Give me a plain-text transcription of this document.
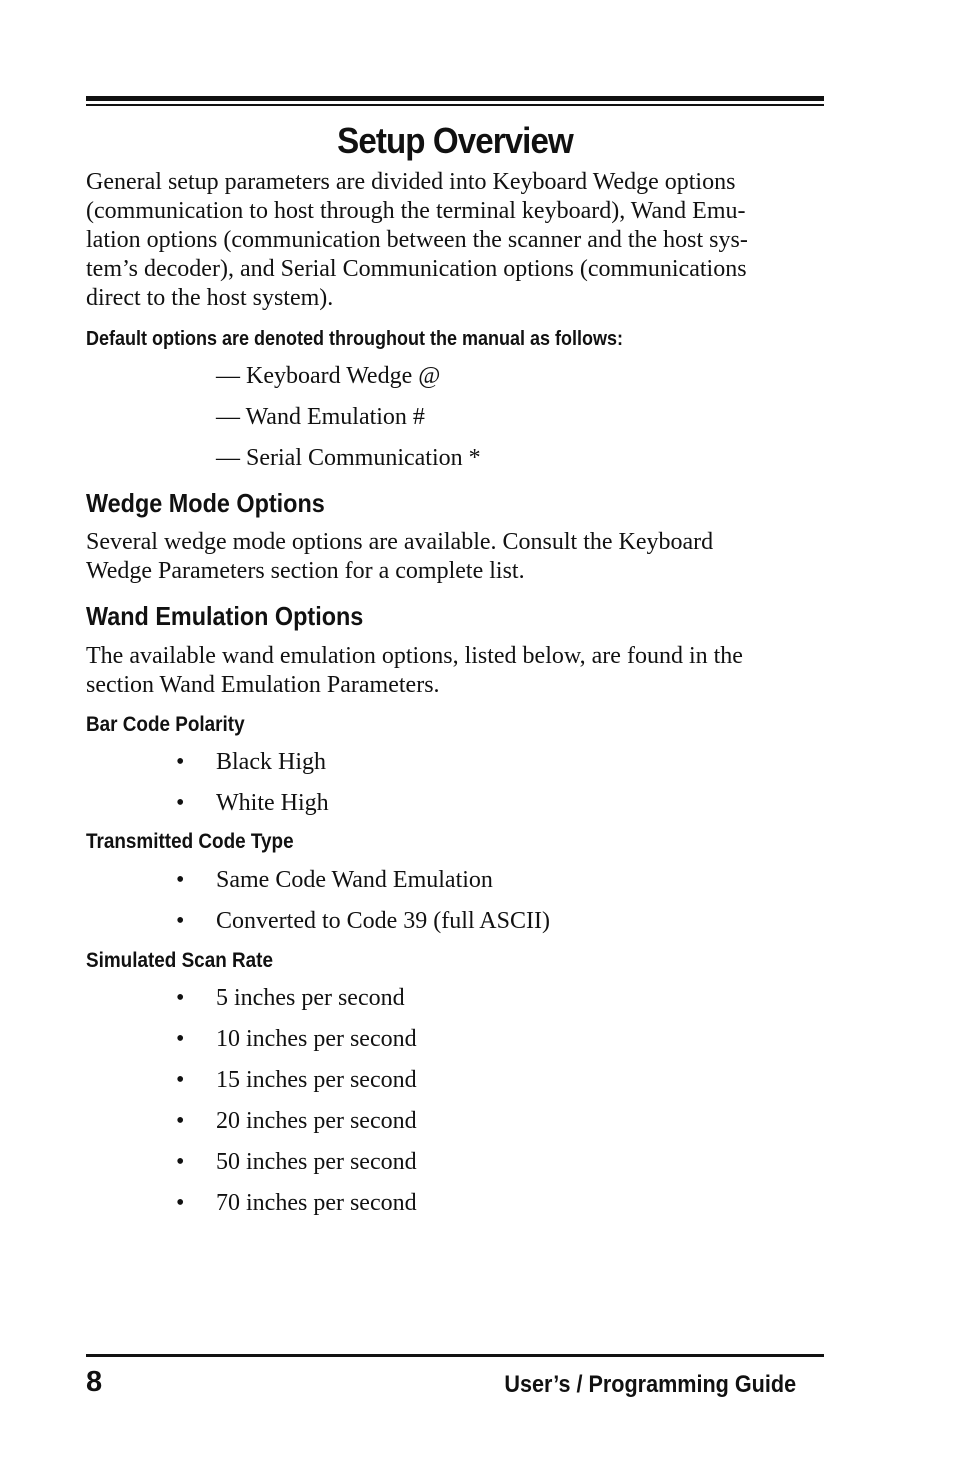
Setup Overview
General setup parameters are divided into Keyboard Wedge options
(communication to host through the terminal keyboard), Wand Emu-
lation options (communication between the scanner and the host sys-
tem’s decoder), and Serial Communication options (communications
direct to the host system).

Default options are denoted throughout the manual as follows:

— Keyboard Wedge @

— Wand Emulation #

— Serial Communication *

Wedge Mode Options
Several wedge mode options are available. Consult the Keyboard
Wedge Parameters section for a complete list.
Wand Emulation Options
The available wand emulation options, listed below, are found in the
section Wand Emulation Parameters.
Bar Code Polarity

• Black High

• White High

Transmitted Code Type

• Same Code Wand Emulation

• Converted to Code 39 (full ASCII)

Simulated Scan Rate

• 5 inches per second

• 10 inches per second

• 15 inches per second

• 20 inches per second

• 50 inches per second

• 70 inches per second

8	User’s / Programming Guide
